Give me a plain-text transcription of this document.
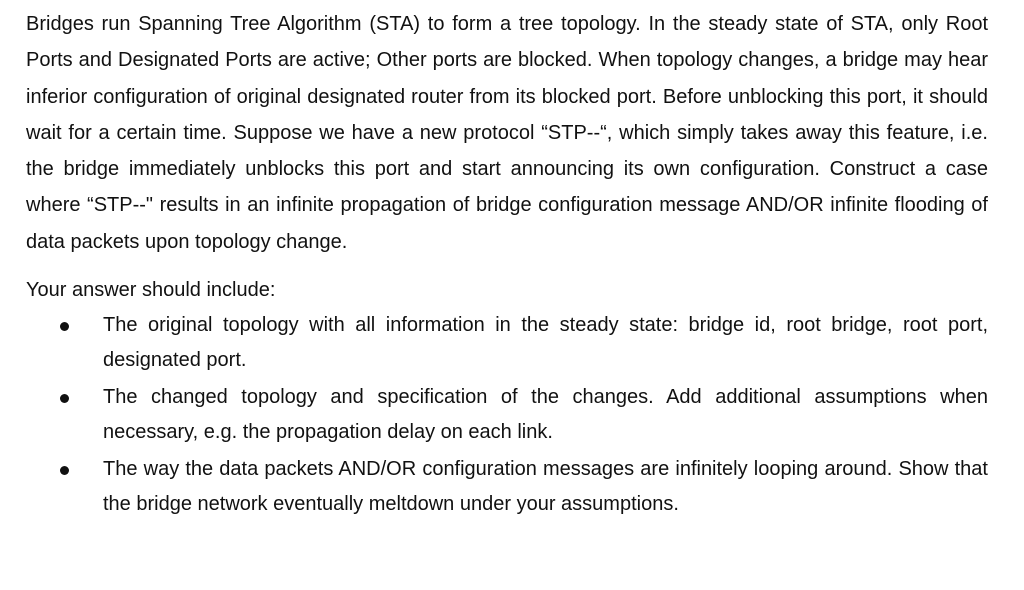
Bridges run Spanning Tree Algorithm (STA) to form a tree topology. In the steady state of STA, only Root Ports and Designated Ports are active; Other ports are blocked. When topology changes, a bridge may hear inferior configuration of original designated router from its blocked port. Before unblocking this port, it should wait for a certain time. Suppose we have a new protocol “STP--“, which simply takes away this feature, i.e. the bridge immediately unblocks this port and start announcing its own configuration. Construct a case where “STP--" results in an infinite propagation of bridge configuration message AND/OR infinite flooding of data packets upon topology change.

Your answer should include:
The original topology with all information in the steady state: bridge id, root bridge, root port, designated port.
The changed topology and specification of the changes. Add additional assumptions when necessary, e.g. the propagation delay on each link.
The way the data packets AND/OR configuration messages are infinitely looping around. Show that the bridge network eventually meltdown under your assumptions.
